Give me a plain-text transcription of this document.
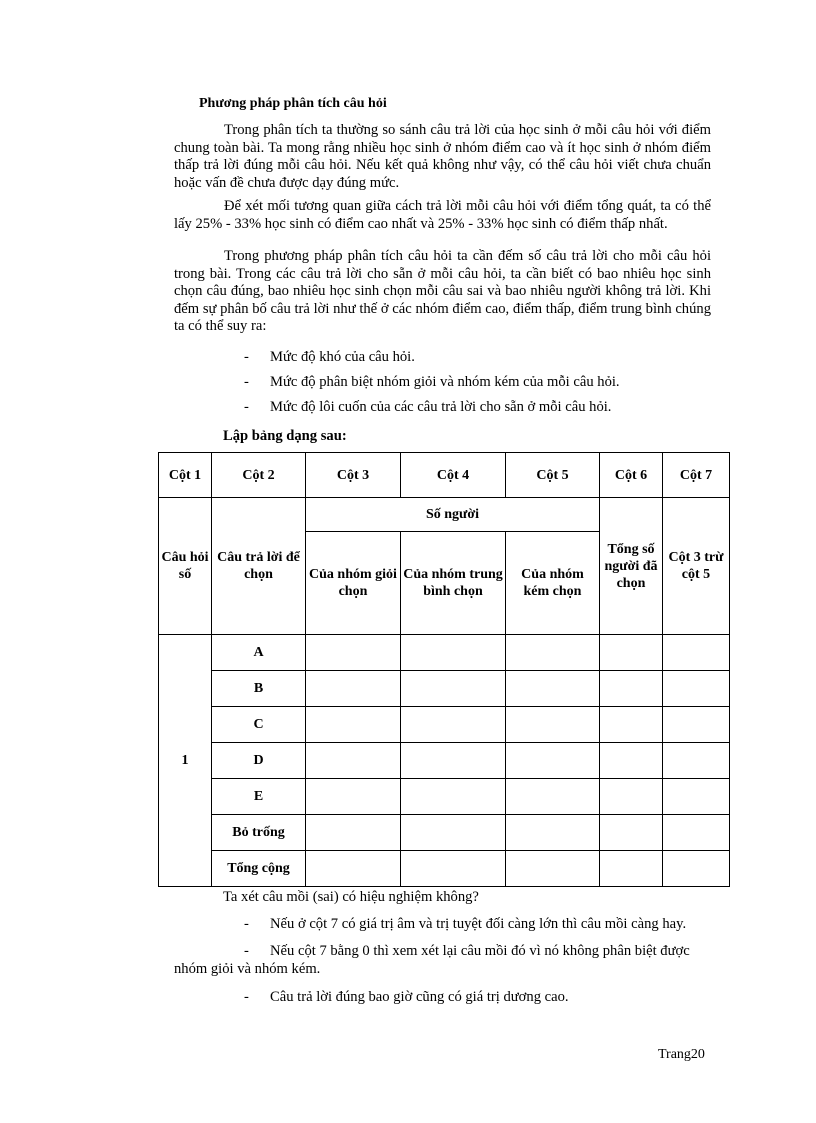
Phương pháp phân tích câu hỏi

Trong phân tích ta thường so sánh câu trả lời của học sinh ở mỗi câu hỏi với điểm chung toàn bài. Ta mong rằng nhiều học sinh ở nhóm điểm cao và ít học sinh ở nhóm điểm thấp trả lời đúng mỗi câu hỏi. Nếu kết quả không như vậy, có thể câu hỏi viết chưa chuẩn hoặc vấn đề chưa được dạy đúng mức.

Để xét mối tương quan giữa cách trả lời mỗi câu hỏi với điểm tổng quát, ta có thể lấy 25% - 33% học sinh có điểm cao nhất và 25% - 33% học sinh có điểm thấp nhất.

Trong phương pháp phân tích câu hỏi ta cần đếm số câu trả lời cho mỗi câu hỏi trong bài. Trong các câu trả lời cho sẵn ở mỗi câu hỏi, ta cần biết có bao nhiêu học sinh chọn câu đúng, bao nhiêu học sinh chọn mỗi câu sai và bao nhiêu người không trả lời. Khi đếm sự phân bố câu trả lời như thế ở các nhóm điểm cao, điểm thấp, điểm trung bình chúng ta có thể suy ra:

- Mức độ khó của câu hỏi.

- Mức độ phân biệt nhóm giỏi và nhóm kém của mỗi câu hỏi.

- Mức độ lôi cuốn của các câu trả lời cho sẵn ở mỗi câu hỏi.

Lập bảng dạng sau:
Cột 1	Cột 2	Cột 3	Cột 4	Cột 5	Cột 6	Cột 7
Câu hỏi số	Câu trả lời để chọn	Số người			Tổng số người đã chọn	Cột 3 trừ cột 5
		Của nhóm giỏi chọn	Của nhóm trung bình chọn	Của nhóm kém chọn		
1	A					
	B					
	C					
	D					
	E					
	Bỏ trống					
	Tổng cộng					
Ta xét câu mồi (sai) có hiệu nghiệm không?

- Nếu ở cột 7 có giá trị âm và trị tuyệt đối càng lớn thì câu mồi càng hay.

- Nếu cột 7 bằng 0 thì xem xét lại câu mồi đó vì nó không phân biệt được nhóm giỏi và nhóm kém.

- Câu trả lời đúng bao giờ cũng có giá trị dương cao.

Trang20
